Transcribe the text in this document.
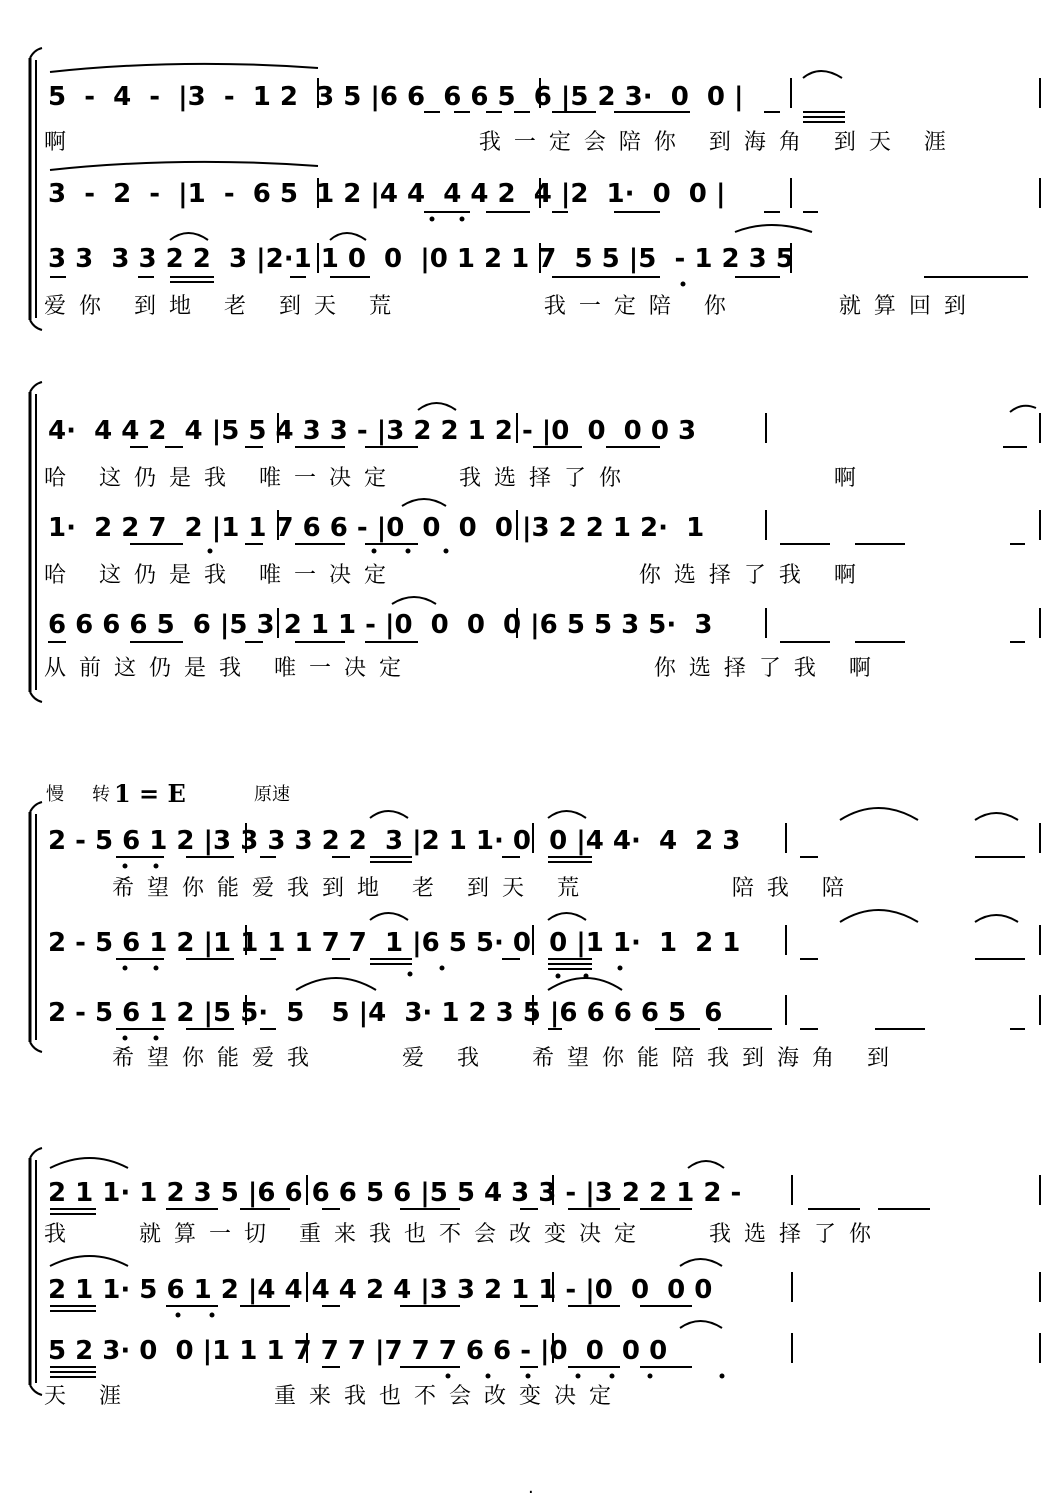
5  -  4  -  |3  -  1 2  3 5 |6 6  6 6 5  6 |5 2 3·  0  0 |
啊                    我一定会陪你 到海角 到天 涯
3  -  2  -  |1  -  6 5  1 2 |4 4  4 4 2  4 |2  1·  0  0 |
3 3  3 3 2 2  3 |2·1 1 0  0  |0 1 2 1 7  5 5 |5  - 1 2 3 5
爱你 到地 老 到天 荒       我一定陪 你     就算回到
4·  4 4 2  4 |5 5 4 3 3 - |3 2 2 1 2 - |0  0  0 0 3
哈 这仍是我 唯一决定   我选择了你          啊
1·  2 2 7  2 |1 1 7 6 6 - |0  0  0  0 |3 2 2 1 2·  1
哈 这仍是我 唯一决定            你选择了我 啊
6 6 6 6 5  6 |5 3 2 1 1 - |0  0  0  0 |6 5 5 3 5·  3
从前这仍是我 唯一决定            你选择了我 啊
慢 转 1 = E	原速
2 - 5 6 1 2 |3 3 3 3 2 2  3 |2 1 1· 0  0 |4 4·  4  2 3
希望你能爱我到地 老 到天 荒       陪我 陪
2 - 5 6 1 2 |1 1 1 1 7 7  1 |6 5 5· 0  0 |1 1·  1  2 1
2 - 5 6 1 2 |5 5·  5   5 |4  3· 1 2 3 5 |6 6 6 6 5  6
希望你能爱我    爱 我  希望你能陪我到海角 到
2 1 1· 1 2 3 5 |6 6 6 6 5 6 |5 5 4 3 3 - |3 2 2 1 2 -
我   就算一切 重来我也不会改变决定   我选择了你
2 1 1· 5 6 1 2 |4 4 4 4 2 4 |3 3 2 1 1 - |0  0  0 0
5 2 3· 0  0 |1 1 1 7 7 7 |7 7 7 6 6 - |0  0  0 0
天 涯       重来我也不会改变决定
·
